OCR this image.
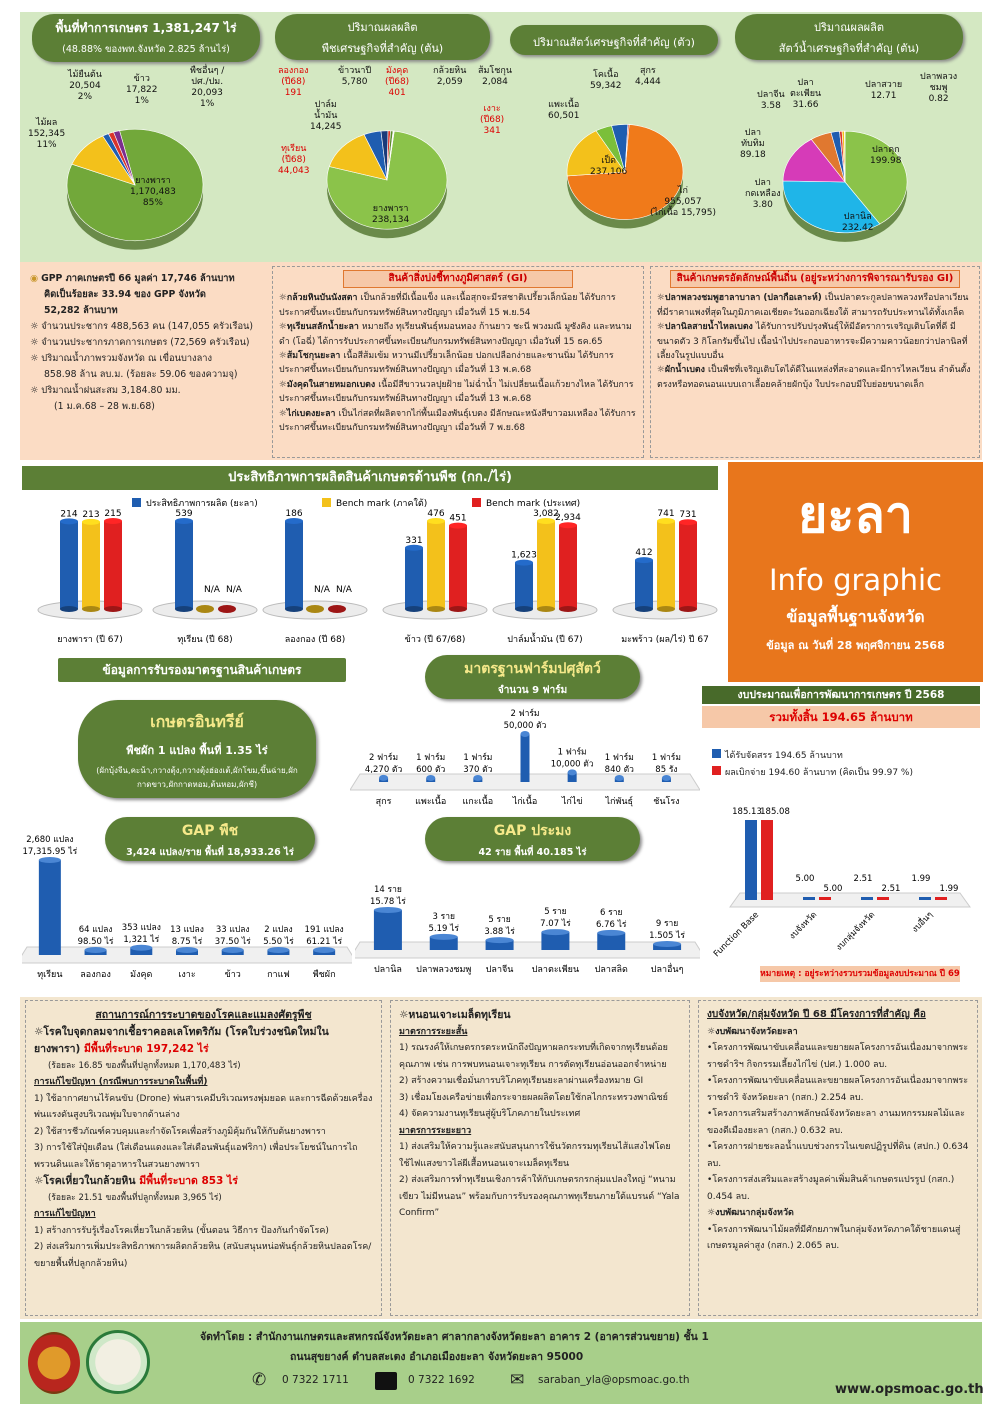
พื้นที่ทำการเกษตร 1,381,247 ไร่
(48.88% ของพท.จังหวัด 2.825 ล้านไร่)
ปริมาณผลผลิต
พืชเศรษฐกิจที่สำคัญ (ตัน)	ปริมาณสัตว์เศรษฐกิจที่สำคัญ (ตัว)
ปริมาณผลผลิต
สัตว์น้ำเศรษฐกิจที่สำคัญ (ตัน)
ไม้ยืนต้น
20,504
2%
ข้าว
17,822
1%
พืชอื่นๆ /
ปศ./ปม.
20,093
1%
ไม้ผล
152,345
11%
ยางพารา
1,170,483
85%
ลองกอง
(ปี68)
191
ข้าวนาปี
5,780
มังคุด
(ปี68)
401
กล้วยหิน
2,059
ส้มโชกุน
2,084
ปาล์ม
น้ำมัน
14,245
เงาะ
(ปี68)
341
ทุเรียน
(ปี68)
44,043
ยางพารา
238,134
โคเนื้อ
59,342
สุกร
4,444
แพะเนื้อ
60,501
เป็ด
237,106
ไก่
955,057
(ไก่เนื้อ 15,795)
ปลาจีน
3.58
ปลา
ตะเพียน
31.66
ปลาสวาย
12.71
ปลาพลวง
ชมพู
0.82
ปลา
ทับทิม
89.18	ปลาดุก
199.98
ปลา
กดเหลือง
3.80
ปลานิล
232.42

◉ GPP ภาคเกษตรปี 66 มูลค่า 17,746 ล้านบาท

คิดเป็นร้อยละ 33.94 ของ GPP จังหวัด

52,282 ล้านบาท

☼ จำนวนประชากร 488,563 คน (147,055 ครัวเรือน)

☼ จำนวนประชากรภาคการเกษตร (72,569 ครัวเรือน)

☼ ปริมาณน้ำภาพรวมจังหวัด ณ เขื่อนบางลาง

858.98 ล้าน ลบ.ม. (ร้อยละ 59.06 ของความจุ)

☼ ปริมาณน้ำฝนสะสม 3,184.80 มม.

(1 ม.ค.68 – 28 พ.ย.68)

สินค้าสิ่งบ่งชี้ทางภูมิศาสตร์ (GI)

☼กล้วยหินบันนังสตา เป็นกล้วยที่มีเนื้อแข็ง และเนื้อสุกจะมีรสชาติเปรี้ยวเล็กน้อย ได้รับการประกาศขึ้นทะเบียนกับกรมทรัพย์สินทางปัญญา เมื่อวันที่ 15 พ.ย.54

☼ทุเรียนสลักน้ำยะลา หมายถึง ทุเรียนพันธุ์หมอนทอง ก้านยาว ชะนี พวงมณี มูซังคิง และหนามดำ (โอฉี่) ได้การรับประกาศขึ้นทะเบียนกับกรมทรัพย์สินทางปัญญา เมื่อวันที่ 15 ธค.65

☼ส้มโชกุนยะลา เนื้อสีส้มเข้ม หวานมีเปรี้ยวเล็กน้อย ปอกเปลือกง่ายและชานนิ่ม ได้รับการประกาศขึ้นทะเบียนกับกรมทรัพย์สินทางปัญญา เมื่อวันที่ 13 พ.ค.68

☼มังคุดในสายหมอกเบตง เนื้อมีสีขาวนวลปุยฝ้าย ไม่ฉ่ำน้ำ ไม่เปลี่ยนเนื้อแก้วยางไหล ได้รับการประกาศขึ้นทะเบียนกับกรมทรัพย์สินทางปัญญา เมื่อวันที่ 13 พ.ค.68

☼ไก่เบตงยะลา เป็นไก่สดที่ผลิตจากไก่พื้นเมืองพันธุ์เบตง มีลักษณะหนังสีขาวอมเหลือง ได้รับการประกาศขึ้นทะเบียนกับกรมทรัพย์สินทางปัญญา เมื่อวันที่ 7 พ.ย.68

สินค้าเกษตรอัตลักษณ์พื้นถิ่น (อยู่ระหว่างการพิจารณารับรอง GI)

☼ปลาพลวงชมพูฮาลาบาลา (ปลากือเลาะห์) เป็นปลาตระกูลปลาพลวงหรือปลาเวียน ที่มีราคาแพงที่สุดในภูมิภาคเอเชียตะวันออกเฉียงใต้ สามารถรับประทานได้ทั้งเกล็ด

☼ปลานิลสายน้ำไหลเบตง ได้รับการปรับปรุงพันธุ์ให้มีอัตราการเจริญเติบโตที่ดี มีขนาดตัว 3 กิโลกรัมขึ้นไป เนื้อนำไปประกอบอาหารจะมีความคาวน้อยกว่าปลานิลที่เลี้ยงในรูปแบบอื่น

☼ผักน้ำเบตง เป็นพืชที่เจริญเติบโตได้ดีในแหล่งที่สะอาดและมีการไหลเวียน ลำต้นตั้งตรงหรือทอดนอนแบบเถาเลื้อยคล้ายผักบุ้ง ใบประกอบมีใบย่อยขนาดเล็ก

ประสิทธิภาพการผลิตสินค้าเกษตรด้านพืช (กก./ไร่)
ประสิทธิภาพการผลิต (ยะลา)	Bench mark (ภาคใต้)	Bench mark (ประเทศ)
214 213 215
ยางพารา (ปี 67)
539
N/A N/A
ทุเรียน (ปี 68)
186
N/A N/A
ลองกอง (ปี 68)
331
476 451
ข้าว (ปี 67/68)
1,623
3,082
2,934
ปาล์มน้ำมัน (ปี 67)
412
741 731
มะพร้าว (ผล/ไร่) ปี 67
ยะลา
Info graphic
ข้อมูลพื้นฐานจังหวัด
ข้อมูล ณ วันที่ 28 พฤศจิกายน 2568
ข้อมูลการรับรองมาตรฐานสินค้าเกษตร	มาตรฐานฟาร์มปศุสัตว์
จำนวน 9 ฟาร์ม
เกษตรอินทรีย์
พืชผัก 1 แปลง พื้นที่ 1.35 ไร่
(ผักบุ้งจีน,คะน้า,กวางตุ้ง,กวางตุ้งฮ่องเต้,ผักโขม,ขึ้นฉ่าย,ผักกาดขาว,ผักกาดหอม,ต้นหอม,ผักชี)
2 ฟาร์ม
4,270 ตัว
สุกร
1 ฟาร์ม
600 ตัว
แพะเนื้อ
1 ฟาร์ม
370 ตัว
แกะเนื้อ
2 ฟาร์ม
50,000 ตัว
ไก่เนื้อ
1 ฟาร์ม
10,000 ตัว
ไก่ไข่
1 ฟาร์ม
840 ตัว
ไก่พันธุ์
1 ฟาร์ม
85 รัง
ชันโรง
งบประมาณเพื่อการพัฒนาการเกษตร ปี 2568
รวมทั้งสิ้น 194.65 ล้านบาท
ได้รับจัดสรร 194.65 ล้านบาท
ผลเบิกจ่าย 194.60 ล้านบาท (คิดเป็น 99.97 %)
185.13
185.08
Function Base
5.00
5.00
งบจังหวัด
2.51
2.51
งบกลุ่มจังหวัด
1.99
1.99
งบอื่นๆ
หมายเหตุ : อยู่ระหว่างรวบรวมข้อมูลงบประมาณ ปี 69
GAP พืช
3,424 แปลง/ราย พื้นที่ 18,933.26 ไร่
GAP ประมง
42 ราย พื้นที่ 40.185 ไร่
2,680 แปลง
17,315.95 ไร่
ทุเรียน
64 แปลง
98.50 ไร่
ลองกอง
353 แปลง
1,321 ไร่
มังคุด
13 แปลง
8.75 ไร่
เงาะ
33 แปลง
37.50 ไร่
ข้าว
2 แปลง
5.50 ไร่
กาแฟ
191 แปลง
61.21 ไร่
พืชผัก
14 ราย
15.78 ไร่
ปลานิล
3 ราย
5.19 ไร่
ปลาพลวงชมพู
5 ราย
3.88 ไร่
ปลาจีน
5 ราย
7.07 ไร่
ปลาตะเพียน
6 ราย
6.76 ไร่
ปลาสลิด
9 ราย
1.505 ไร่
ปลาอื่นๆ
สถานการณ์การระบาดของโรคและแมลงศัตรูพืช

☼โรคใบจุดกลมจากเชื้อราคอลเลโทตริกัม (โรคใบร่วงชนิดใหม่ในยางพารา) มีพื้นที่ระบาด 197,242 ไร่

(ร้อยละ 16.85 ของพื้นที่ปลูกทั้งหมด 1,170,483 ไร่)

การแก้ไขปัญหา (กรณีพบการระบาดในพื้นที่)

1) ใช้อากาศยานไร้คนขับ (Drone) พ่นสารเคมีบริเวณทรงพุ่มยอด และการฉีดด้วยเครื่องพ่นแรงดันสูงบริเวณพุ่มใบจากด้านล่าง

2) ใช้สารชีวภัณฑ์ควบคุมและกำจัดโรคเพื่อสร้างภูมิคุ้มกันให้กับต้นยางพารา

3) การใช้ใส่ปุ๋ยเดือน (ใส่เดือนแดงและใส่เดือนพันธุ์แอฟริกา) เพื่อประโยชน์ในการไถพรวนดินและให้ธาตุอาหารในสวนยางพารา

☼โรคเหี่ยวในกล้วยหิน มีพื้นที่ระบาด 853 ไร่

(ร้อยละ 21.51 ของพื้นที่ปลูกทั้งหมด 3,965 ไร่)

การแก้ไขปัญหา

1) สร้างการรับรู้เรื่องโรคเหี่ยวในกล้วยหิน (ขั้นตอน วิธีการ ป้องกันกำจัดโรค)

2) ส่งเสริมการเพิ่มประสิทธิภาพการผลิตกล้วยหิน (สนับสนุนหน่อพันธุ์กล้วยหินปลอดโรค/ขยายพื้นที่ปลูกกล้วยหิน)

☼หนอนเจาะเมล็ดทุเรียน

มาตรการระยะสั้น

1) รณรงค์ให้เกษตรกรตระหนักถึงปัญหาผลกระทบที่เกิดจากทุเรียนด้อยคุณภาพ เช่น การพบหนอนเจาะทุเรียน การตัดทุเรียนอ่อนออกจำหน่าย

2) สร้างความเชื่อมั่นการบริโภคทุเรียนยะลาผ่านเครื่องหมาย GI

3) เชื่อมโยงเครือข่ายเพื่อกระจายผลผลิตโดยใช้กลไกกระทรวงพาณิชย์

4) จัดความงานทุเรียนสู่ผู้บริโภคภายในประเทศ

มาตรการระยะยาว

1) ส่งเสริมให้ความรู้และสนับสนุนการใช้นวัตกรรมทุเรียนไส้แสงไฟโดยใช้ไฟแสงขาวไล่ผีเสื้อหนอนเจาะเมล็ดทุเรียน

2) ส่งเสริมการทำทุเรียนเชิงการค้าให้กับเกษตรกรกลุ่มแปลงใหญ่ “หนามเขียว ไม่มีหนอน” พร้อมกับการรับรองคุณภาพทุเรียนภายใต้แบรนด์ “Yala Confirm”

งบจังหวัด/กลุ่มจังหวัด ปี 68 มีโครงการที่สำคัญ คือ

☼งบพัฒนาจังหวัดยะลา

•โครงการพัฒนาขับเคลื่อนและขยายผลโครงการอันเนื่องมาจากพระราชดำริฯ กิจกรรมเลี้ยงไก่ไข่ (ปศ.) 1.000 ลบ.

•โครงการพัฒนาขับเคลื่อนและขยายผลโครงการอันเนื่องมาจากพระราชดำริ จังหวัดยะลา (กสก.) 2.254 ลบ.

•โครงการเสริมสร้างภาพลักษณ์จังหวัดยะลา งานมหกรรมผลไม้และของดีเมืองยะลา (กสก.) 0.632 ลบ.

•โครงการฝายชะลอน้ำแบบช่วงกรวไนเขตปฏิรูปที่ดิน (สปก.) 0.634 ลบ.

•โครงการส่งเสริมและสร้างมูลค่าเพิ่มสินค้าเกษตรแปรรูป (กสก.) 0.454 ลบ.

☼งบพัฒนากลุ่มจังหวัด

•โครงการพัฒนาไม้ผลที่มีศักยภาพในกลุ่มจังหวัดภาคใต้ชายแดนสู่เกษตรมูลค่าสูง (กสก.) 2.065 ลบ.

จัดทำโดย : สำนักงานเกษตรและสหกรณ์จังหวัดยะลา ศาลากลางจังหวัดยะลา อาคาร 2 (อาคารส่วนขยาย) ชั้น 1
ถนนสุขยางค์ ตำบลสะเตง อำเภอเมืองยะลา จังหวัดยะลา 95000
✆ 0 7322 1711	0 7322 1692 ✉ saraban_yla@opsmoac.go.th
www.opsmoac.go.th
